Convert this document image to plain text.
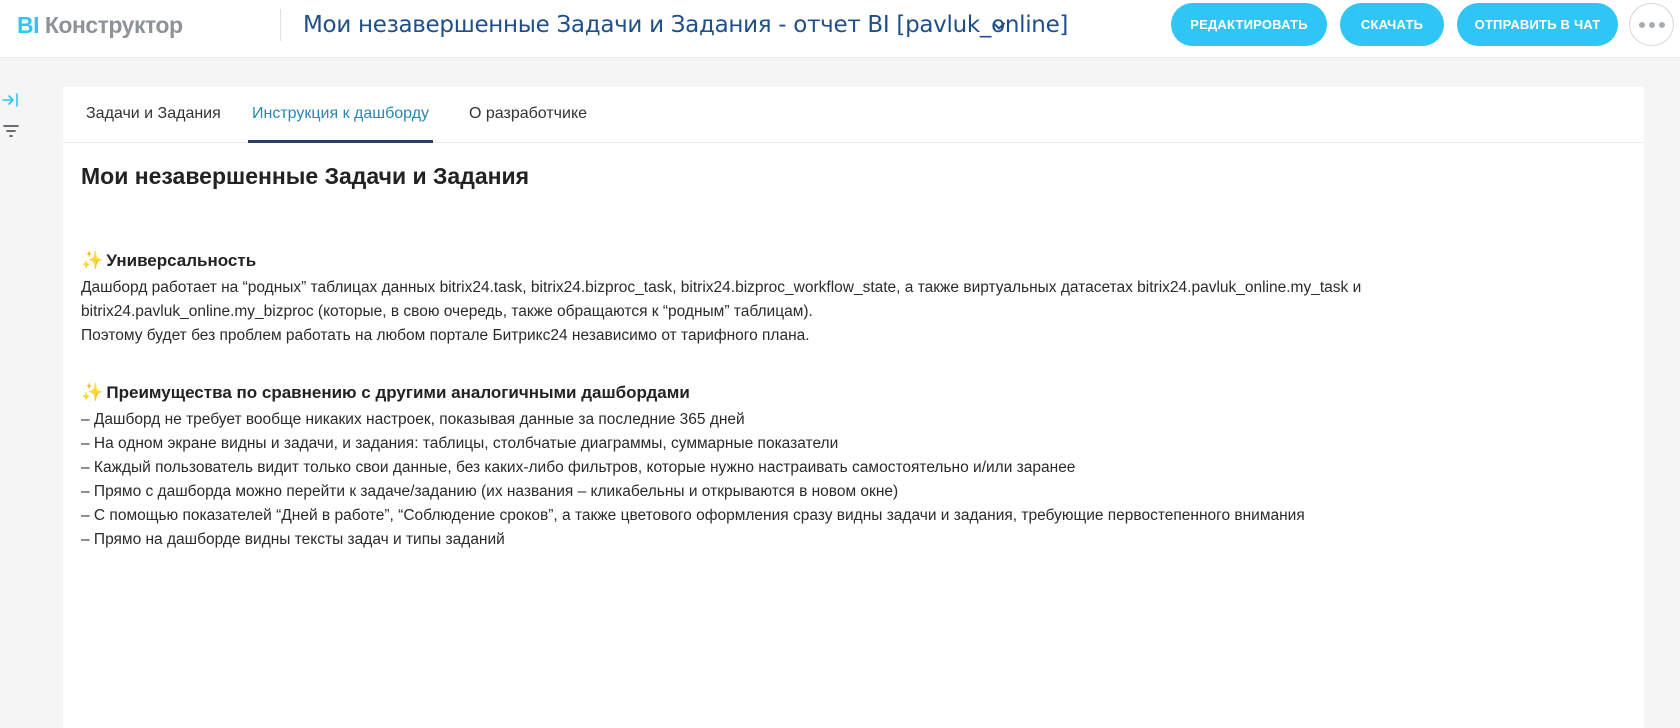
BI Конструктор	Мои незавершенные Задачи и Задания - отчет BI [pavluk_online]	РЕДАКТИРОВАТЬ	СКАЧАТЬ	ОТПРАВИТЬ В ЧАТ
Задачи и Задания Инструкция к дашборду О разработчике
Мои незавершенные Задачи и Задания
✨ Универсальность
Дашборд работает на “родных” таблицах данных bitrix24.task, bitrix24.bizproc_task, bitrix24.bizproc_workflow_state, а также виртуальных датасетах bitrix24.pavluk_online.my_task и
bitrix24.pavluk_online.my_bizproc (которые, в свою очередь, также обращаются к “родным” таблицам).
Поэтому будет без проблем работать на любом портале Битрикс24 независимо от тарифного плана.
✨ Преимущества по сравнению с другими аналогичными дашбордами
– Дашборд не требует вообще никаких настроек, показывая данные за последние 365 дней
– На одном экране видны и задачи, и задания: таблицы, столбчатые диаграммы, суммарные показатели
– Каждый пользователь видит только свои данные, без каких-либо фильтров, которые нужно настраивать самостоятельно и/или заранее
– Прямо с дашборда можно перейти к задаче/заданию (их названия – кликабельны и открываются в новом окне)
– С помощью показателей “Дней в работе”, “Соблюдение сроков”, а также цветового оформления сразу видны задачи и задания, требующие первостепенного внимания
– Прямо на дашборде видны тексты задач и типы заданий
